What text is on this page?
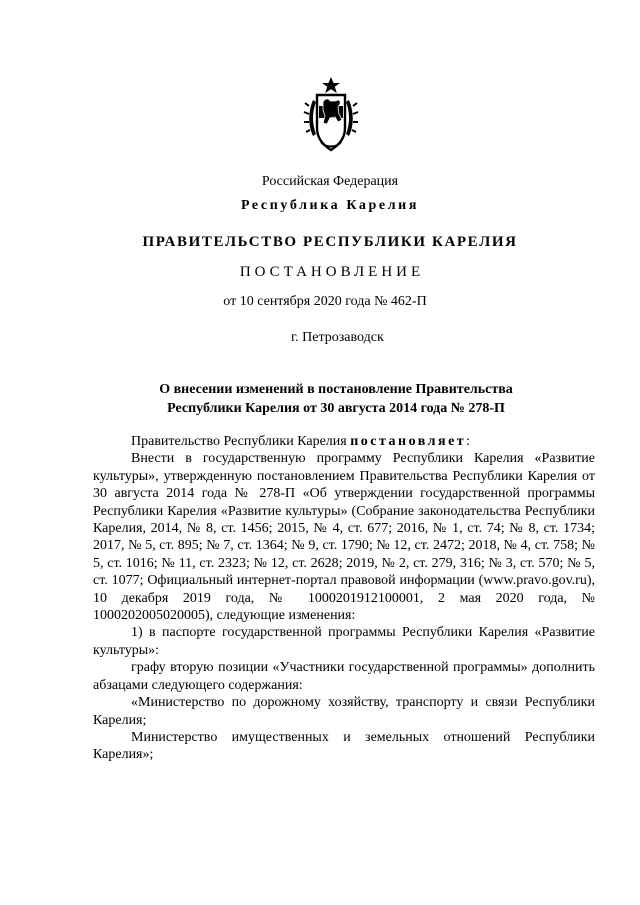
Российская Федерация
Республика Карелия
ПРАВИТЕЛЬСТВО РЕСПУБЛИКИ КАРЕЛИЯ
ПОСТАНОВЛЕНИЕ
от 10 сентября 2020 года № 462-П
г. Петрозаводск
О внесении изменений в постановление Правительства
Республики Карелия от 30 августа 2014 года № 278-П

Правительство Республики Карелия постановляет:

Внести в государственную программу Республики Карелия «Развитие культуры», утвержденную постановлением Правительства Республики Карелия от 30 августа 2014 года № 278-П «Об утверждении государственной программы Республики Карелия «Развитие культуры» (Собрание законодательства Республики Карелия, 2014, № 8, ст. 1456; 2015, № 4, ст. 677; 2016, № 1, ст. 74; № 8, ст. 1734; 2017, № 5, ст. 895; № 7, ст. 1364; № 9, ст. 1790; № 12, ст. 2472; 2018, № 4, ст. 758; № 5, ст. 1016; № 11, ст. 2323; № 12, ст. 2628; 2019, № 2, ст. 279, 316; № 3, ст. 570; № 5, ст. 1077; Официальный интернет-портал правовой информации (www.pravo.gov.ru), 10 декабря 2019 года, № 1000201912100001, 2 мая 2020 года, № 1000202005020005), следующие изменения:

1) в паспорте государственной программы Республики Карелия «Развитие культуры»:

графу вторую позиции «Участники государственной программы» дополнить абзацами следующего содержания:

«Министерство по дорожному хозяйству, транспорту и связи Республики Карелия;

Министерство имущественных и земельных отношений Республики Карелия»;
